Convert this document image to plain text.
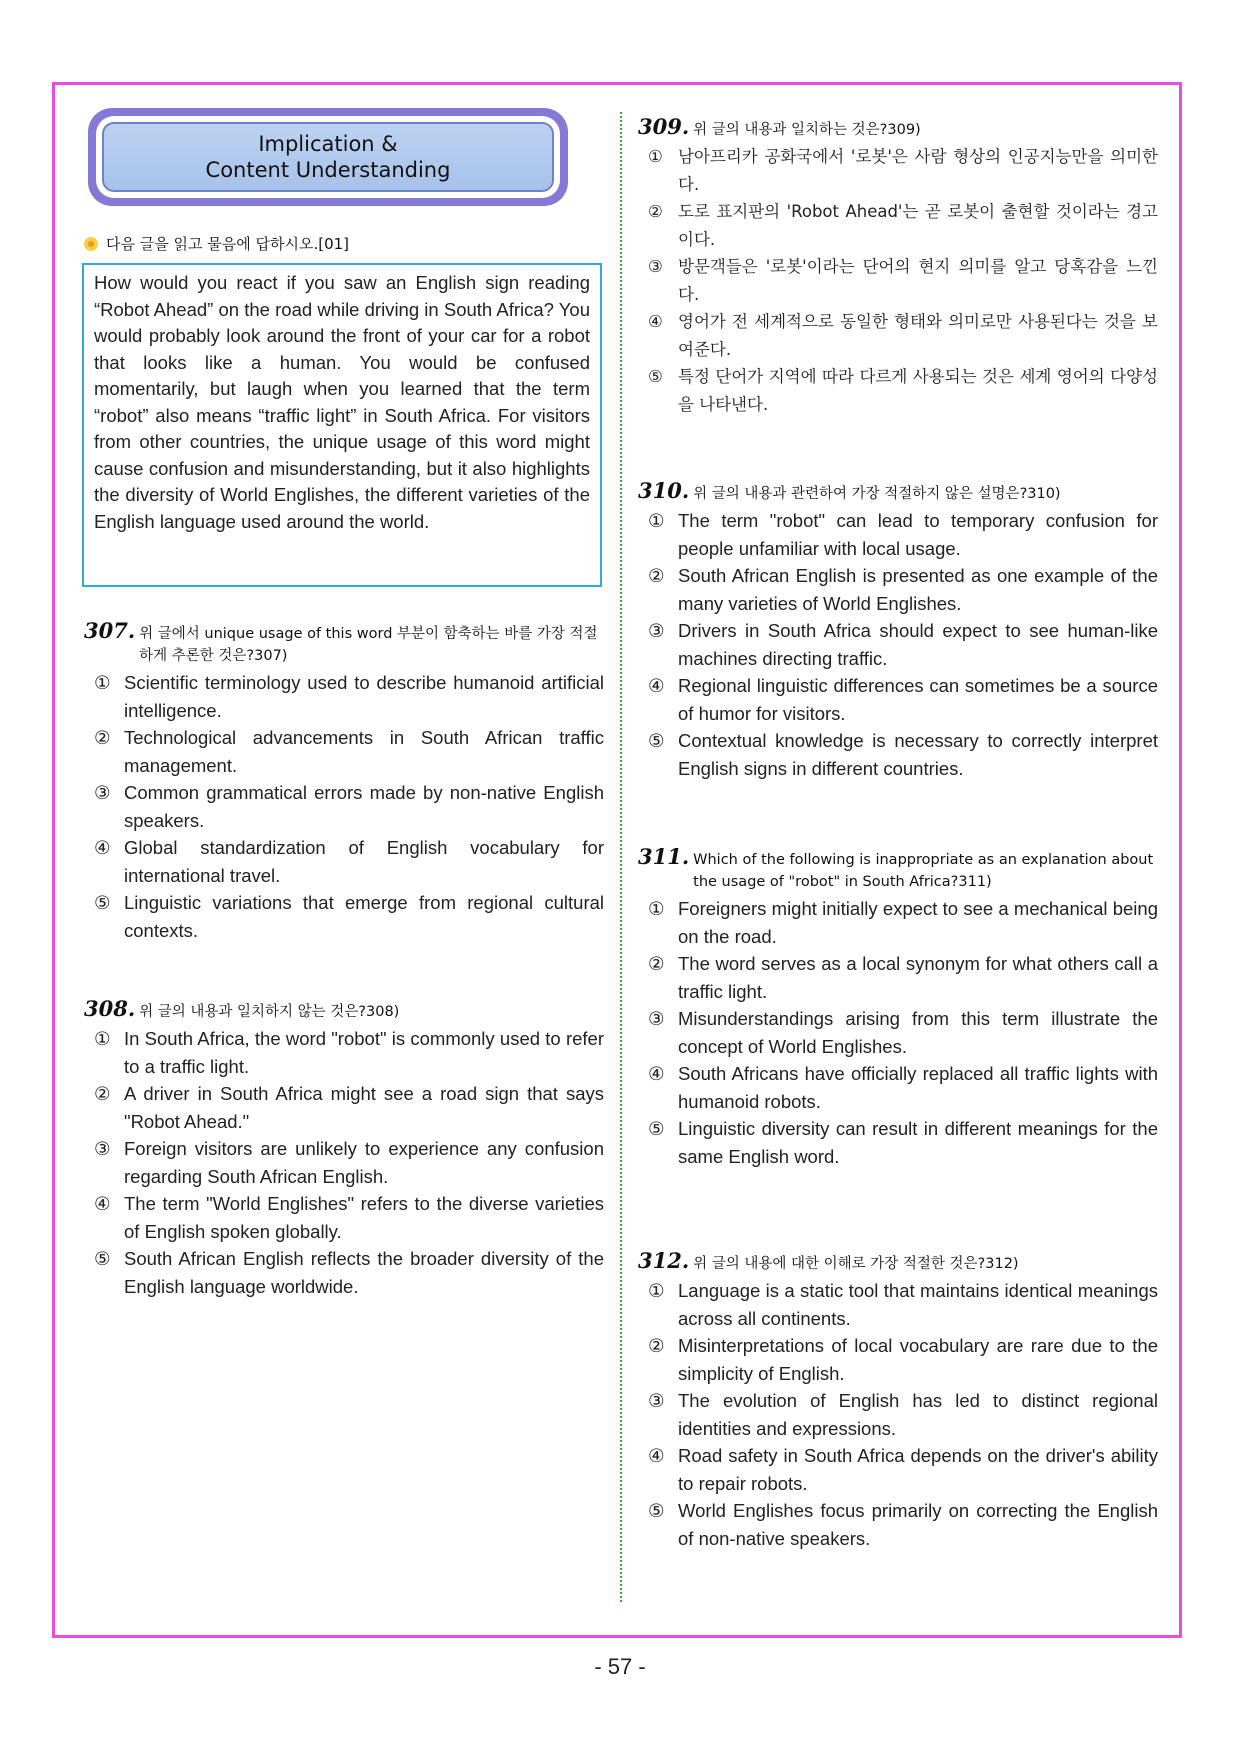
Implication &
Content Understanding
다음 글을 읽고 물음에 답하시오.[01]
How would you react if you saw an English sign reading “Robot Ahead” on the road while driving in South Africa? You would probably look around the front of your car for a robot that looks like a human. You would be confused momentarily, but laugh when you learned that the term “robot” also means “traffic light” in South Africa. For visitors from other countries, the unique usage of this word might cause confusion and misunderstanding, but it also highlights the diversity of World Englishes, the different varieties of the English language used around the world.
307. 위 글에서 unique usage of this word 부분이 함축하는 바를 가장 적절하게 추론한 것은?307)
① Scientific terminology used to describe humanoid artificial intelligence.
② Technological advancements in South African traffic management.
③ Common grammatical errors made by non-native English speakers.
④ Global standardization of English vocabulary for international travel.
⑤ Linguistic variations that emerge from regional cultural contexts.
308. 위 글의 내용과 일치하지 않는 것은?308)
① In South Africa, the word "robot" is commonly used to refer to a traffic light.
② A driver in South Africa might see a road sign that says "Robot Ahead."
③ Foreign visitors are unlikely to experience any confusion regarding South African English.
④ The term "World Englishes" refers to the diverse varieties of English spoken globally.
⑤ South African English reflects the broader diversity of the English language worldwide.
309. 위 글의 내용과 일치하는 것은?309)
① 남아프리카 공화국에서 '로봇'은 사람 형상의 인공지능만을 의미한다.
② 도로 표지판의 'Robot Ahead'는 곧 로봇이 출현할 것이라는 경고이다.
③ 방문객들은 '로봇'이라는 단어의 현지 의미를 알고 당혹감을 느낀다.
④ 영어가 전 세계적으로 동일한 형태와 의미로만 사용된다는 것을 보여준다.
⑤ 특정 단어가 지역에 따라 다르게 사용되는 것은 세계 영어의 다양성을 나타낸다.
310. 위 글의 내용과 관련하여 가장 적절하지 않은 설명은?310)
① The term "robot" can lead to temporary confusion for people unfamiliar with local usage.
② South African English is presented as one example of the many varieties of World Englishes.
③ Drivers in South Africa should expect to see human-like machines directing traffic.
④ Regional linguistic differences can sometimes be a source of humor for visitors.
⑤ Contextual knowledge is necessary to correctly interpret English signs in different countries.
311. Which of the following is inappropriate as an explanation about the usage of "robot" in South Africa?311)
① Foreigners might initially expect to see a mechanical being on the road.
② The word serves as a local synonym for what others call a traffic light.
③ Misunderstandings arising from this term illustrate the concept of World Englishes.
④ South Africans have officially replaced all traffic lights with humanoid robots.
⑤ Linguistic diversity can result in different meanings for the same English word.
312. 위 글의 내용에 대한 이해로 가장 적절한 것은?312)
① Language is a static tool that maintains identical meanings across all continents.
② Misinterpretations of local vocabulary are rare due to the simplicity of English.
③ The evolution of English has led to distinct regional identities and expressions.
④ Road safety in South Africa depends on the driver's ability to repair robots.
⑤ World Englishes focus primarily on correcting the English of non-native speakers.
- 57 -
